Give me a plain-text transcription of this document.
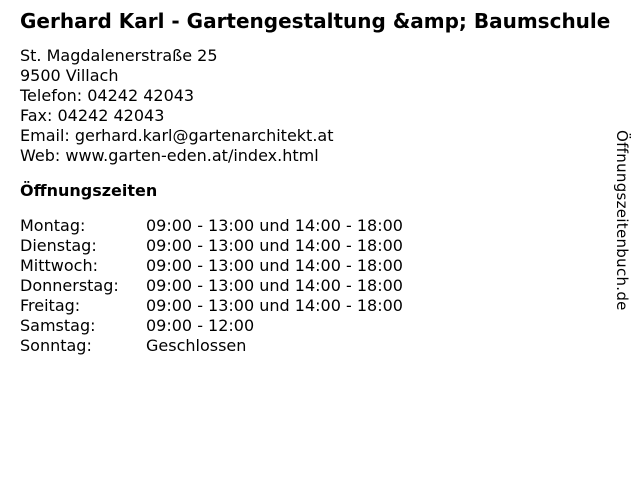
Gerhard Karl - Gartengestaltung &amp; Baumschule
St. Magdalenerstraße 25
9500 Villach
Telefon: 04242 42043
Fax: 04242 42043
Email: gerhard.karl@gartenarchitekt.at
Web: www.garten-eden.at/index.html
Öffnungszeiten
Montag:	09:00 - 13:00 und 14:00 - 18:00
Dienstag:	09:00 - 13:00 und 14:00 - 18:00
Mittwoch:	09:00 - 13:00 und 14:00 - 18:00
Donnerstag:	09:00 - 13:00 und 14:00 - 18:00
Freitag:	09:00 - 13:00 und 14:00 - 18:00
Samstag:	09:00 - 12:00
Sonntag:	Geschlossen
Öffnungszeitenbuch.de
